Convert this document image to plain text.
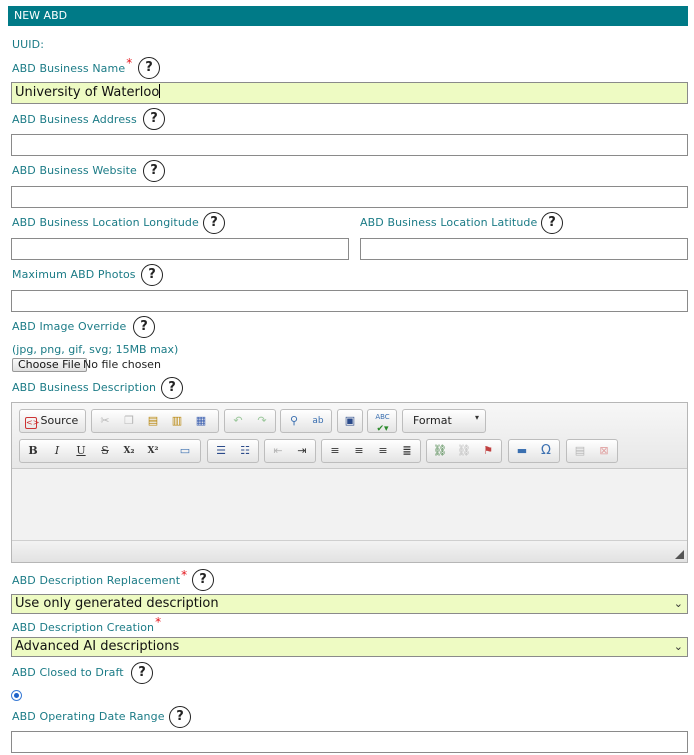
NEW ABD
UUID:
ABD Business Name* ?
University of Waterloo
ABD Business Address	?
ABD Business Website	?
ABD Business Location Longitude ?	ABD Business Location Latitude ?
Maximum ABD Photos ?
ABD Image Override	?
(jpg, png, gif, svg; 15MB max)
Choose File No file chosen
ABD Business Description ?
<> Source	✂	❐	▤	▥	▦	↶	↷	⚲	ab	▣	ABC
✔▾
Format	▾
B	I	U	S	X₂	X²	▭	☰	☷	⇤	⇥	≡	≡	≡	≣	⛓ ⛓	⚑	▬	Ω	▤	⊠
ABD Description Replacement* ?
Use only generated description	⌄
ABD Description Creation*
Advanced AI descriptions	⌄
ABD Closed to Draft	?
ABD Operating Date Range ?
